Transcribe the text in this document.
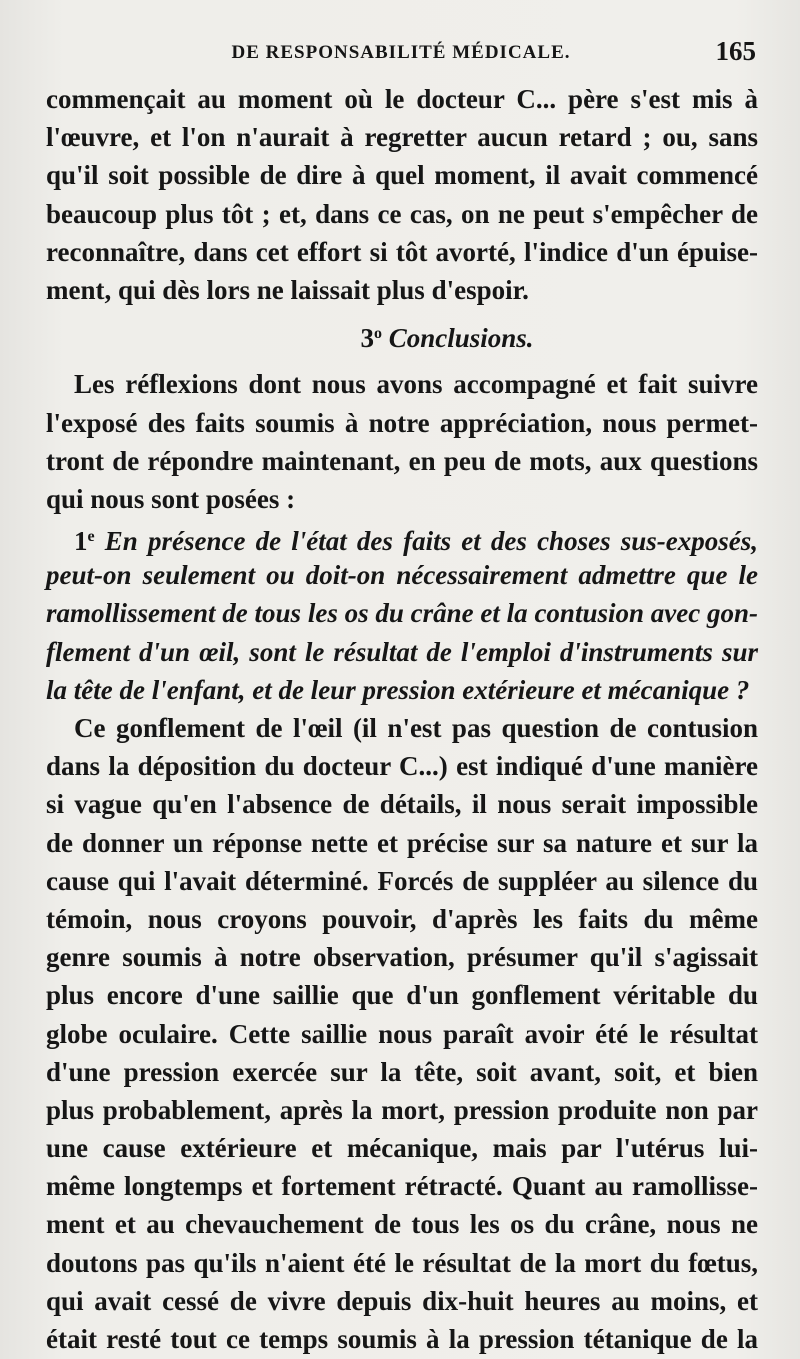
DE RESPONSABILITÉ MÉDICALE.	165
commençait au moment où le docteur C... père s'est mis à
l'œuvre, et l'on n'aurait à regretter aucun retard ; ou, sans
qu'il soit possible de dire à quel moment, il avait commencé
beaucoup plus tôt ; et, dans ce cas, on ne peut s'empêcher de
reconnaître, dans cet effort si tôt avorté, l'indice d'un épuise-
ment, qui dès lors ne laissait plus d'espoir.
3$^o$ Conclusions.
Les réflexions dont nous avons accompagné et fait suivre
l'exposé des faits soumis à notre appréciation, nous permet-
tront de répondre maintenant, en peu de mots, aux questions
qui nous sont posées :
1e En présence de l'état des faits et des choses sus-exposés,
peut-on seulement ou doit-on nécessairement admettre que le
ramollissement de tous les os du crâne et la contusion avec gon-
flement d'un œil, sont le résultat de l'emploi d'instruments sur
la tête de l'enfant, et de leur pression extérieure et mécanique ?
Ce gonflement de l'œil (il n'est pas question de contusion
dans la déposition du docteur C...) est indiqué d'une manière
si vague qu'en l'absence de détails, il nous serait impossible
de donner un réponse nette et précise sur sa nature et sur la
cause qui l'avait déterminé. Forcés de suppléer au silence du
témoin, nous croyons pouvoir, d'après les faits du même
genre soumis à notre observation, présumer qu'il s'agissait
plus encore d'une saillie que d'un gonflement véritable du
globe oculaire. Cette saillie nous paraît avoir été le résultat
d'une pression exercée sur la tête, soit avant, soit, et bien
plus probablement, après la mort, pression produite non par
une cause extérieure et mécanique, mais par l'utérus lui-
même longtemps et fortement rétracté. Quant au ramollisse-
ment et au chevauchement de tous les os du crâne, nous ne
doutons pas qu'ils n'aient été le résultat de la mort du fœtus,
qui avait cessé de vivre depuis dix-huit heures au moins, et
était resté tout ce temps soumis à la pression tétanique de la
